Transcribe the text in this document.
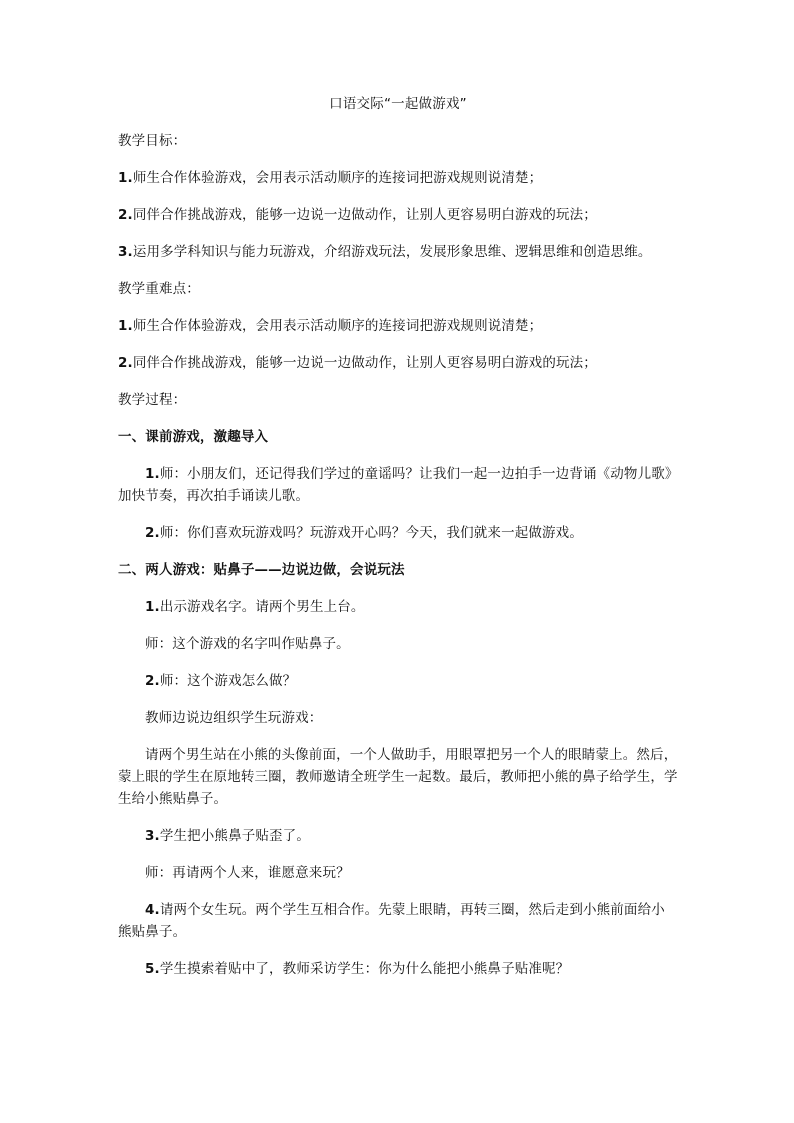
口语交际“一起做游戏”
教学目标：
1.师生合作体验游戏，会用表示活动顺序的连接词把游戏规则说清楚；
2.同伴合作挑战游戏，能够一边说一边做动作，让别人更容易明白游戏的玩法；
3.运用多学科知识与能力玩游戏，介绍游戏玩法，发展形象思维、逻辑思维和创造思维。
教学重难点：
1.师生合作体验游戏，会用表示活动顺序的连接词把游戏规则说清楚；
2.同伴合作挑战游戏，能够一边说一边做动作，让别人更容易明白游戏的玩法；
教学过程：
一、课前游戏，激趣导入
1.师：小朋友们，还记得我们学过的童谣吗？让我们一起一边拍手一边背诵《动物儿歌》加快节奏，再次拍手诵读儿歌。
2.师：你们喜欢玩游戏吗？玩游戏开心吗？今天，我们就来一起做游戏。
二、两人游戏：贴鼻子——边说边做，会说玩法
1.出示游戏名字。请两个男生上台。
师：这个游戏的名字叫作贴鼻子。
2.师：这个游戏怎么做？
教师边说边组织学生玩游戏：
请两个男生站在小熊的头像前面，一个人做助手，用眼罩把另一个人的眼睛蒙上。然后，蒙上眼的学生在原地转三圈，教师邀请全班学生一起数。最后，教师把小熊的鼻子给学生，学生给小熊贴鼻子。
3.学生把小熊鼻子贴歪了。
师：再请两个人来，谁愿意来玩？
4.请两个女生玩。两个学生互相合作。先蒙上眼睛，再转三圈，然后走到小熊前面给小熊贴鼻子。
5.学生摸索着贴中了，教师采访学生：你为什么能把小熊鼻子贴准呢？
